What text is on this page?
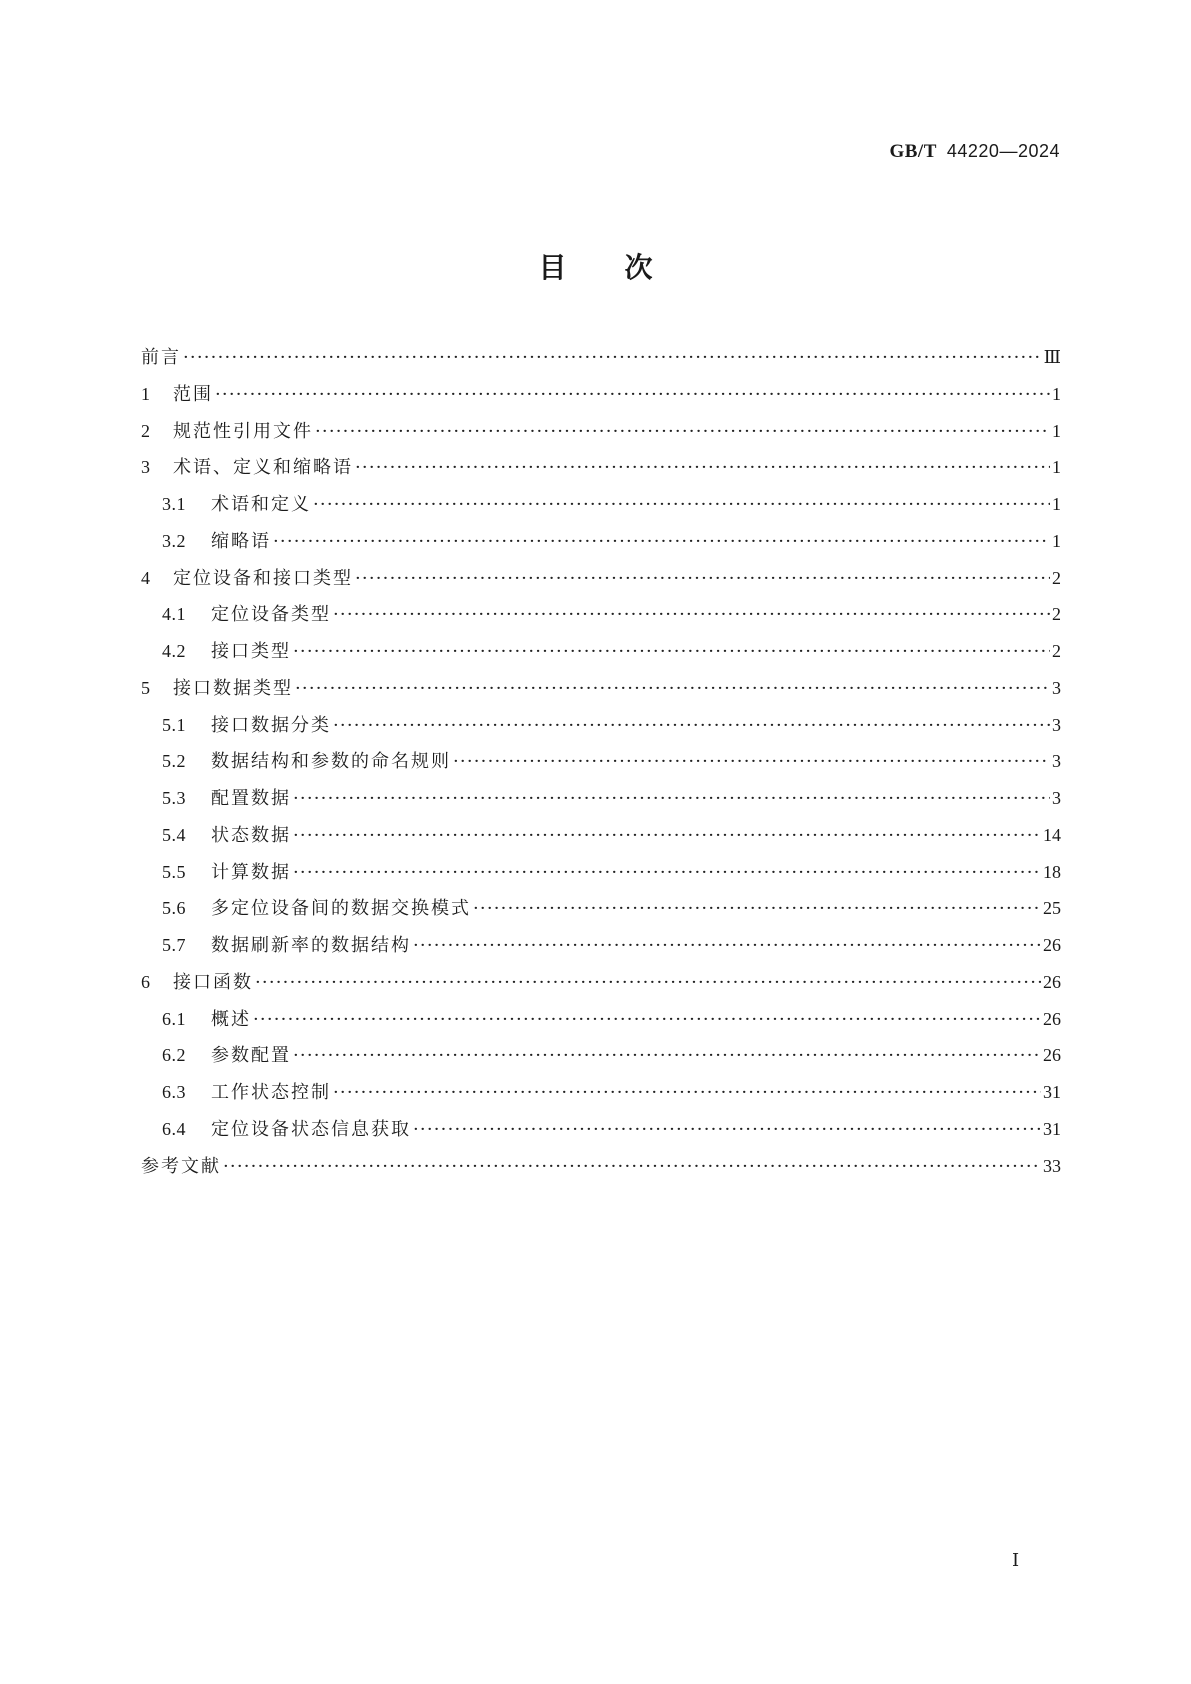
GB/T 44220—2024
目次
前言 ·····	Ⅲ
1	范围 ·····	1
2	规范性引用文件 ·····	1
3	术语、定义和缩略语 ·····	1
3.1	术语和定义 ·····	1
3.2	缩略语 ·····	1
4	定位设备和接口类型 ·····	2
4.1	定位设备类型 ·····	2
4.2	接口类型 ·····	2
5	接口数据类型 ·····	3
5.1	接口数据分类 ·····	3
5.2	数据结构和参数的命名规则 ·····	3
5.3	配置数据 ·····	3
5.4	状态数据 ·····	14
5.5	计算数据 ·····	18
5.6	多定位设备间的数据交换模式 ·····	25
5.7	数据刷新率的数据结构 ·····	26
6	接口函数 ·····	26
6.1	概述 ·····	26
6.2	参数配置 ·····	26
6.3	工作状态控制 ·····	31
6.4	定位设备状态信息获取 ·····	31
参考文献 ·····	33
Ⅰ
